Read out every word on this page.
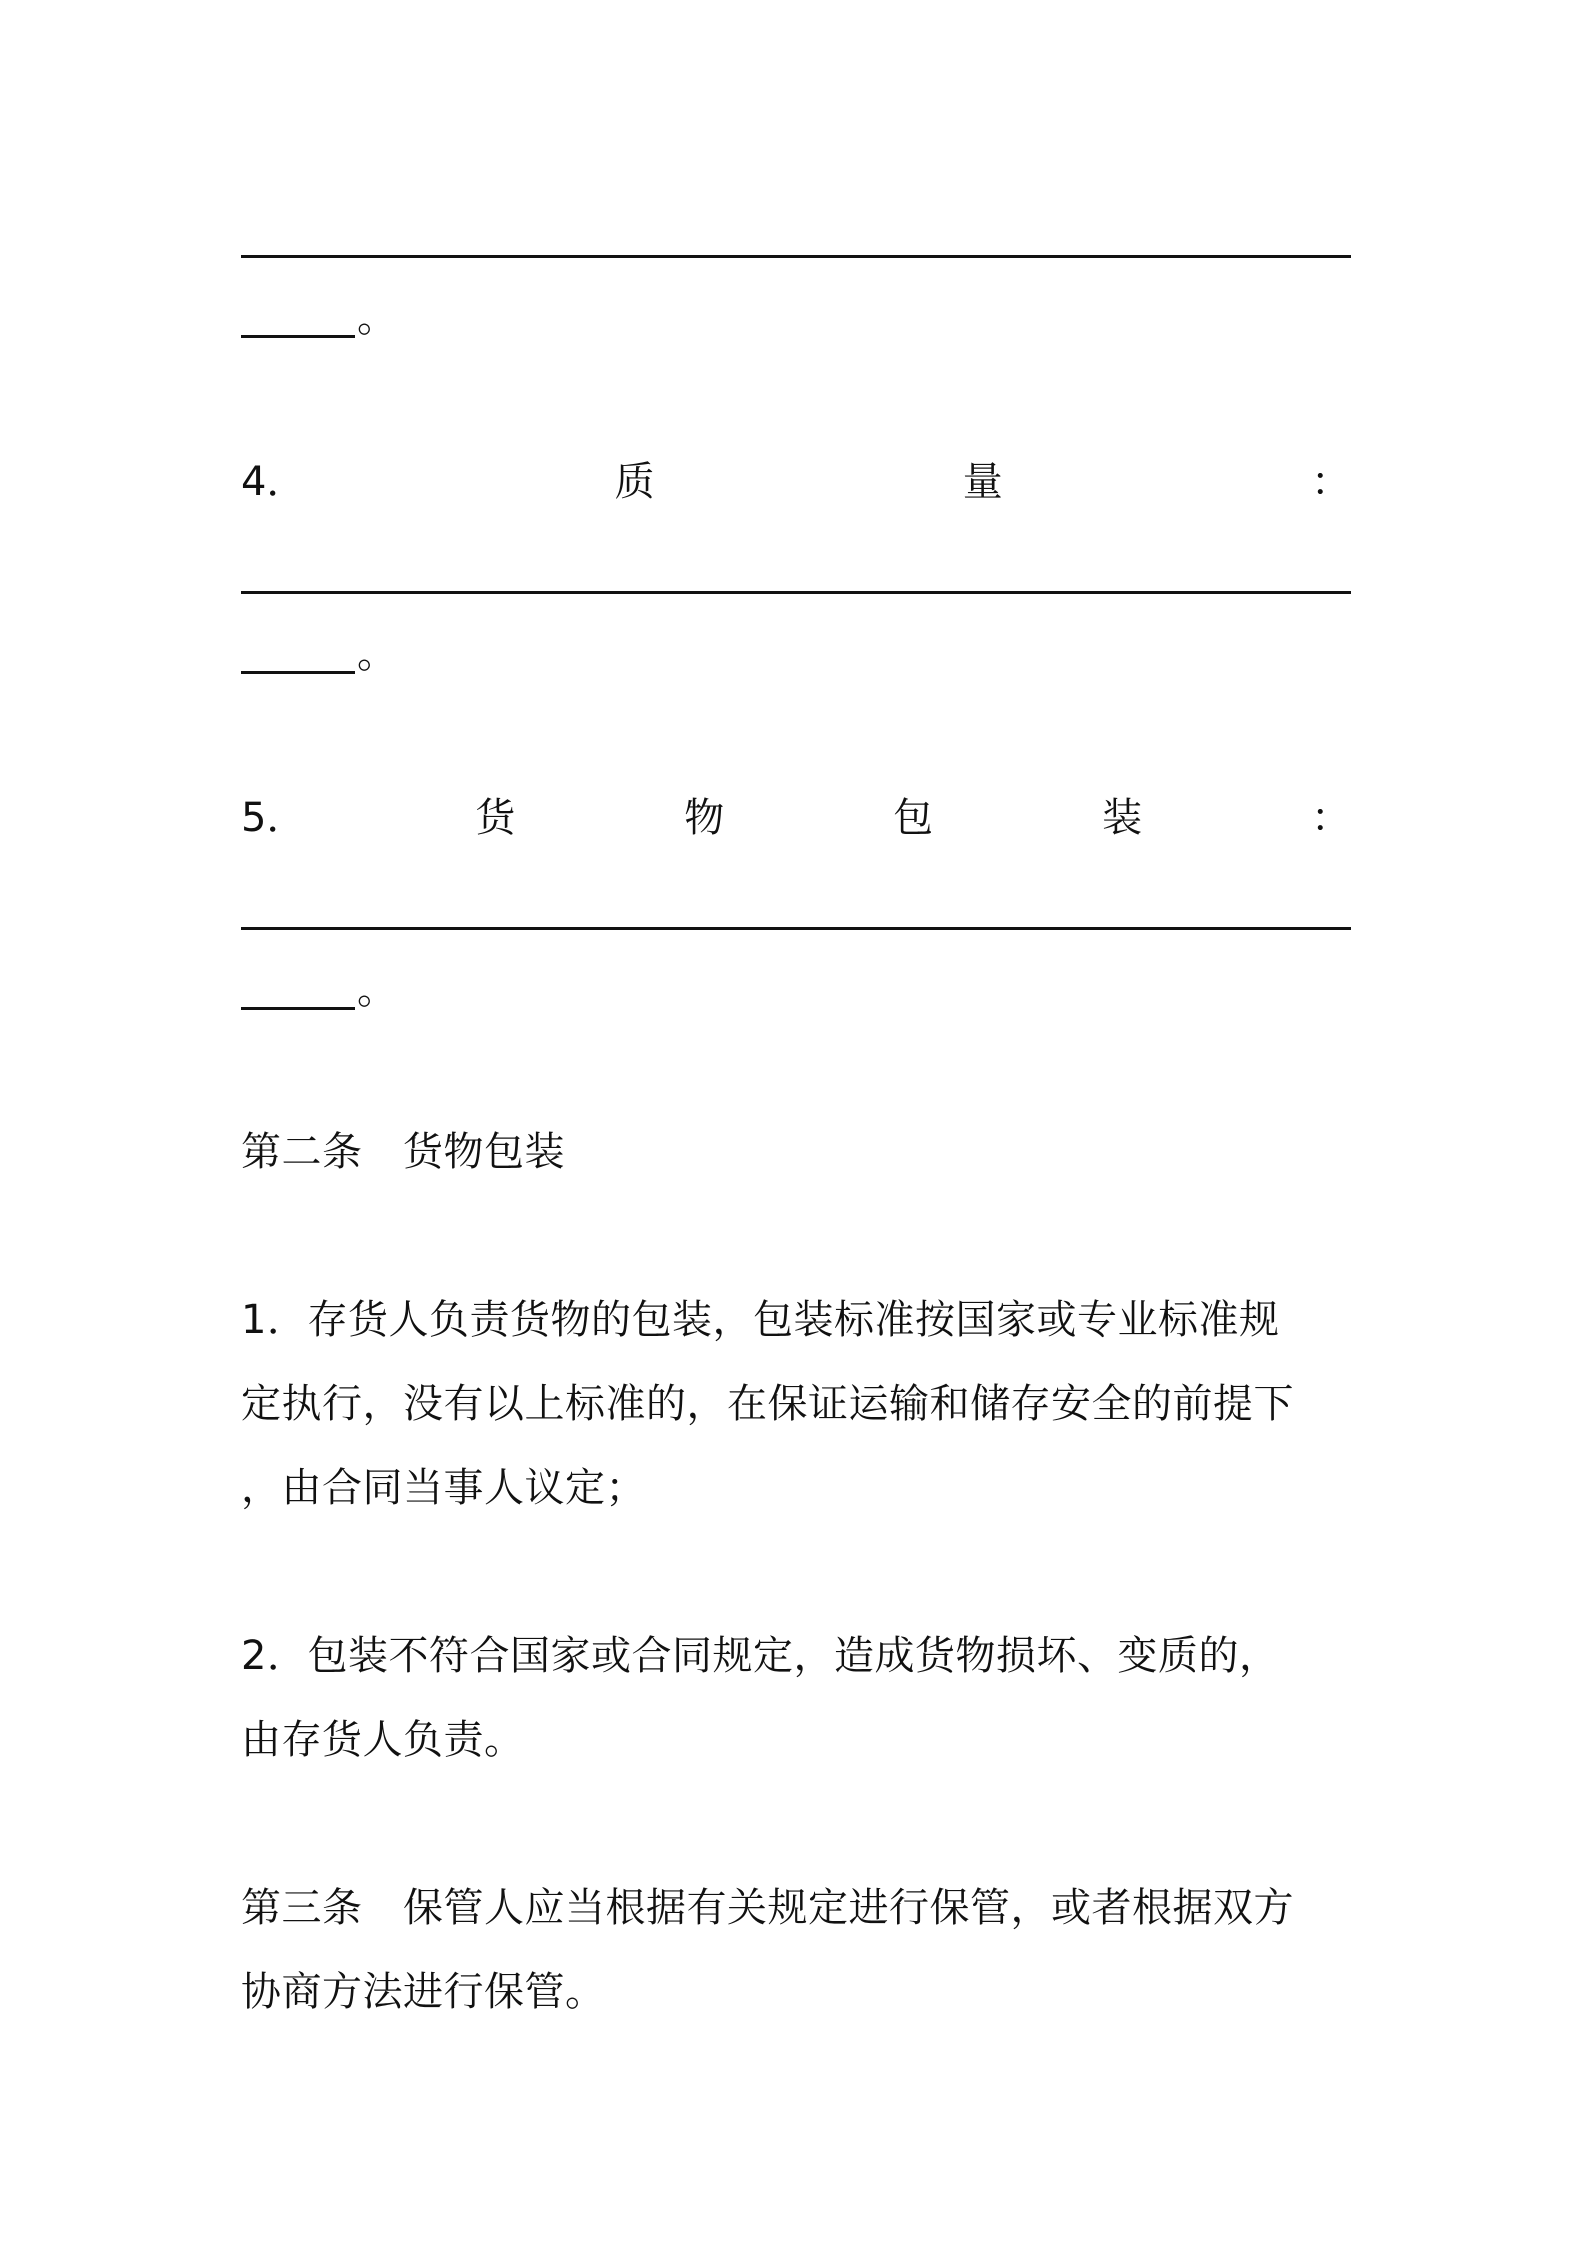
。
4．	质	量	：
。
5．	货	物	包	装	：
。
第二条　货物包装
1．存货人负责货物的包装，包装标准按国家或专业标准规
定执行，没有以上标准的，在保证运输和储存安全的前提下
，由合同当事人议定；
2．包装不符合国家或合同规定，造成货物损坏、变质的，
由存货人负责。
第三条　保管人应当根据有关规定进行保管，或者根据双方
协商方法进行保管。
